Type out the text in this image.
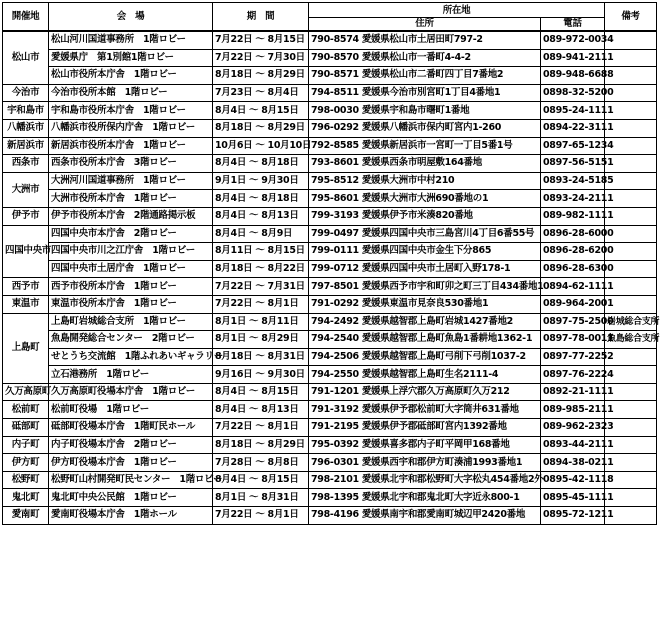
開催地	会　場	期　間	所在地		備考
			住所	電話	
松山市	松山河川国道事務所　1階ロビー	7月22日 ～ 8月15日	790-8574 愛媛県松山市土居田町797-2	089-972-0034	
	愛媛県庁　第1別館1階ロビー	7月22日 ～ 7月30日	790-8570 愛媛県松山市一番町4-4-2	089-941-2111	
	松山市役所本庁舎　1階ロビー	8月18日 ～ 8月29日	790-8571 愛媛県松山市二番町四丁目7番地2	089-948-6688	
今治市	今治市役所本館　1階ロビー	7月23日 ～ 8月4日	794-8511 愛媛県今治市別宮町1丁目4番地1	0898-32-5200	
宇和島市	宇和島市役所本庁舎　1階ロビー	8月4日 ～ 8月15日	798-0030 愛媛県宇和島市曙町1番地	0895-24-1111	
八幡浜市	八幡浜市役所保内庁舎　1階ロビー	8月18日 ～ 8月29日	796-0292 愛媛県八幡浜市保内町宮内1-260	0894-22-3111	
新居浜市	新居浜市役所本庁舎　1階ロビー	10月6日 ～ 10月10日	792-8585 愛媛県新居浜市一宮町一丁目5番1号	0897-65-1234	
西条市	西条市役所本庁舎　3階ロビー	8月4日 ～ 8月18日	793-8601 愛媛県西条市明屋敷164番地	0897-56-5151	
大洲市	大洲河川国道事務所　1階ロビー	9月1日 ～ 9月30日	795-8512 愛媛県大洲市中村210	0893-24-5185	
	大洲市役所本庁舎　1階ロビー	8月4日 ～ 8月18日	795-8601 愛媛県大洲市大洲690番地の1	0893-24-2111	
伊予市	伊予市役所本庁舎　2階通路掲示板	8月4日 ～ 8月13日	799-3193 愛媛県伊予市米湊820番地	089-982-1111	
四国中央市	四国中央市本庁舎　2階ロビー	8月4日 ～ 8月9日	799-0497 愛媛県四国中央市三島宮川4丁目6番55号	0896-28-6000	
	四国中央市川之江庁舎　1階ロビー	8月11日 ～ 8月15日	799-0111 愛媛県四国中央市金生下分865	0896-28-6200	
	四国中央市土居庁舎　1階ロビー	8月18日 ～ 8月22日	799-0712 愛媛県四国中央市土居町入野178-1	0896-28-6300	
西予市	西予市役所本庁舎　1階ロビー	7月22日 ～ 7月31日	797-8501 愛媛県西予市宇和町卯之町三丁目434番地1	0894-62-1111	
東温市	東温市役所本庁舎　1階ロビー	7月22日 ～ 8月1日	791-0292 愛媛県東温市見奈良530番地1	089-964-2001	
上島町	上島町岩城総合支所　1階ロビー	8月1日 ～ 8月11日	794-2492 愛媛県越智郡上島町岩城1427番地2	0897-75-2500	岩城総合支所
	魚島開発総合センター　2階ロビー	8月1日 ～ 8月29日	794-2540 愛媛県越智郡上島町魚島1番耕地1362-1	0897-78-0011	魚島総合支所
	せとうち交流館　1階ふれあいギャラリー	8月18日 ～ 8月31日	794-2506 愛媛県越智郡上島町弓削下弓削1037-2	0897-77-2252	
	立石港務所　1階ロビー	9月16日 ～ 9月30日	794-2550 愛媛県越智郡上島町生名2111-4	0897-76-2224	
久万高原町	久万高原町役場本庁舎　1階ロビー	8月4日 ～ 8月15日	791-1201 愛媛県上浮穴郡久万高原町久万212	0892-21-1111	
松前町	松前町役場　1階ロビー	8月4日 ～ 8月13日	791-3192 愛媛県伊予郡松前町大字筒井631番地	089-985-2111	
砥部町	砥部町役場本庁舎　1階町民ホール	7月22日 ～ 8月1日	791-2195 愛媛県伊予郡砥部町宮内1392番地	089-962-2323	
内子町	内子町役場本庁舎　2階ロビー	8月18日 ～ 8月29日	795-0392 愛媛県喜多郡内子町平岡甲168番地	0893-44-2111	
伊方町	伊方町役場本庁舎　1階ロビー	7月28日 ～ 8月8日	796-0301 愛媛県西宇和郡伊方町湊浦1993番地1	0894-38-0211	
松野町	松野町山村開発町民センター　1階ロビー	8月4日 ～ 8月15日	798-2101 愛媛県北宇和郡松野町大字松丸454番地2外	0895-42-1118	
鬼北町	鬼北町中央公民館　1階ロビー	8月1日 ～ 8月31日	798-1395 愛媛県北宇和郡鬼北町大字近永800-1	0895-45-1111	
愛南町	愛南町役場本庁舎　1階ホール	7月22日 ～ 8月1日	798-4196 愛媛県南宇和郡愛南町城辺甲2420番地	0895-72-1211	
